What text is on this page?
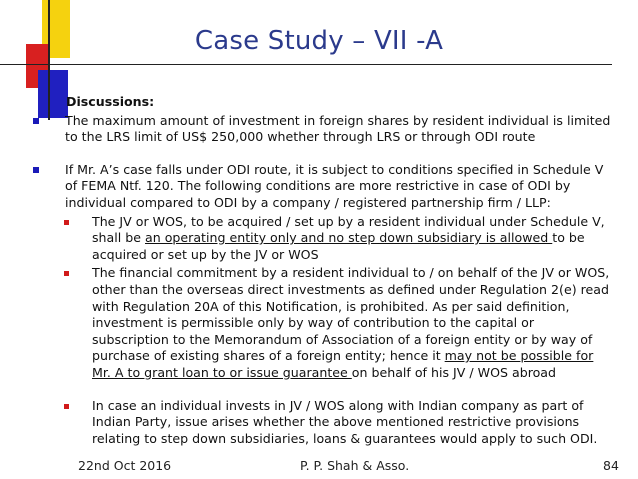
Case Study – VII -A
Discussions:
The maximum amount of investment in foreign shares by resident individual is limited to the LRS limit of US$ 250,000 whether through LRS or through ODI route
If Mr. A’s case falls under ODI route, it is subject to conditions specified in Schedule V of FEMA Ntf. 120. The following conditions are more restrictive in case of ODI by individual compared to ODI by a company / registered partnership firm / LLP:
The JV or WOS, to be acquired / set up by a resident individual under Schedule V, shall be an operating entity only and no step down subsidiary is allowed to be acquired or set up by the JV or WOS
The financial commitment by a resident individual to / on behalf of the JV or WOS, other than the overseas direct investments as defined under Regulation 2(e) read with Regulation 20A of this Notification, is prohibited. As per said definition, investment is permissible only by way of contribution to the capital or subscription to the Memorandum of Association of a foreign entity or by way of purchase of existing shares of a foreign entity; hence it may not be possible for Mr. A to grant loan to or issue guarantee on behalf of his JV / WOS abroad
In case an individual invests in JV / WOS along with Indian company as part of Indian Party, issue arises whether the above mentioned restrictive provisions relating to step down subsidiaries, loans & guarantees would apply to such ODI.
22nd Oct 2016	P. P. Shah & Asso.	84
